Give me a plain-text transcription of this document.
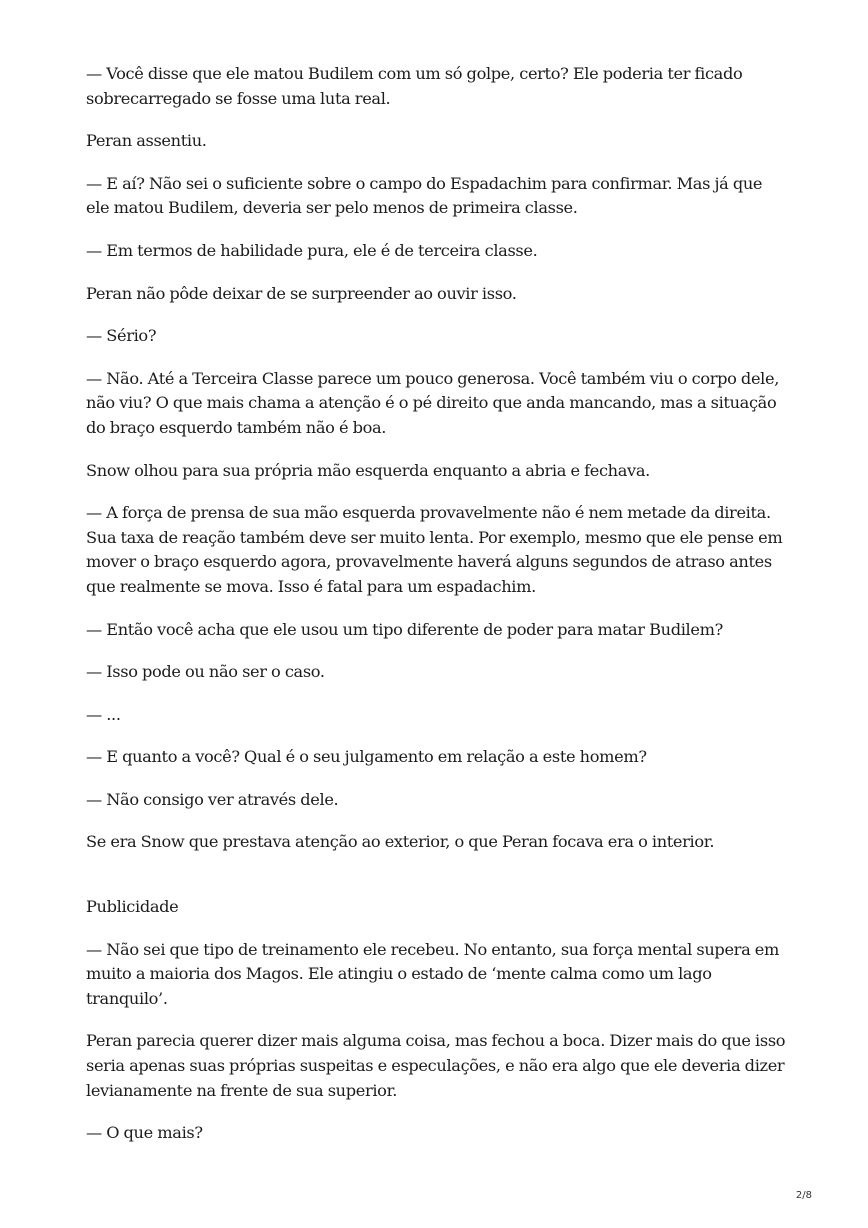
— Você disse que ele matou Budilem com um só golpe, certo? Ele poderia ter ficado sobrecarregado se fosse uma luta real.

Peran assentiu.

— E aí? Não sei o suficiente sobre o campo do Espadachim para confirmar. Mas já que ele matou Budilem, deveria ser pelo menos de primeira classe.

— Em termos de habilidade pura, ele é de terceira classe.

Peran não pôde deixar de se surpreender ao ouvir isso.

— Sério?

— Não. Até a Terceira Classe parece um pouco generosa. Você também viu o corpo dele, não viu? O que mais chama a atenção é o pé direito que anda mancando, mas a situação do braço esquerdo também não é boa.

Snow olhou para sua própria mão esquerda enquanto a abria e fechava.

— A força de prensa de sua mão esquerda provavelmente não é nem metade da direita. Sua taxa de reação também deve ser muito lenta. Por exemplo, mesmo que ele pense em mover o braço esquerdo agora, provavelmente haverá alguns segundos de atraso antes que realmente se mova. Isso é fatal para um espadachim.

— Então você acha que ele usou um tipo diferente de poder para matar Budilem?

— Isso pode ou não ser o caso.

— ...

— E quanto a você? Qual é o seu julgamento em relação a este homem?

— Não consigo ver através dele.

Se era Snow que prestava atenção ao exterior, o que Peran focava era o interior.

Publicidade

— Não sei que tipo de treinamento ele recebeu. No entanto, sua força mental supera em muito a maioria dos Magos. Ele atingiu o estado de ‘mente calma como um lago tranquilo’.

Peran parecia querer dizer mais alguma coisa, mas fechou a boca. Dizer mais do que isso seria apenas suas próprias suspeitas e especulações, e não era algo que ele deveria dizer levianamente na frente de sua superior.

— O que mais?

2/8
